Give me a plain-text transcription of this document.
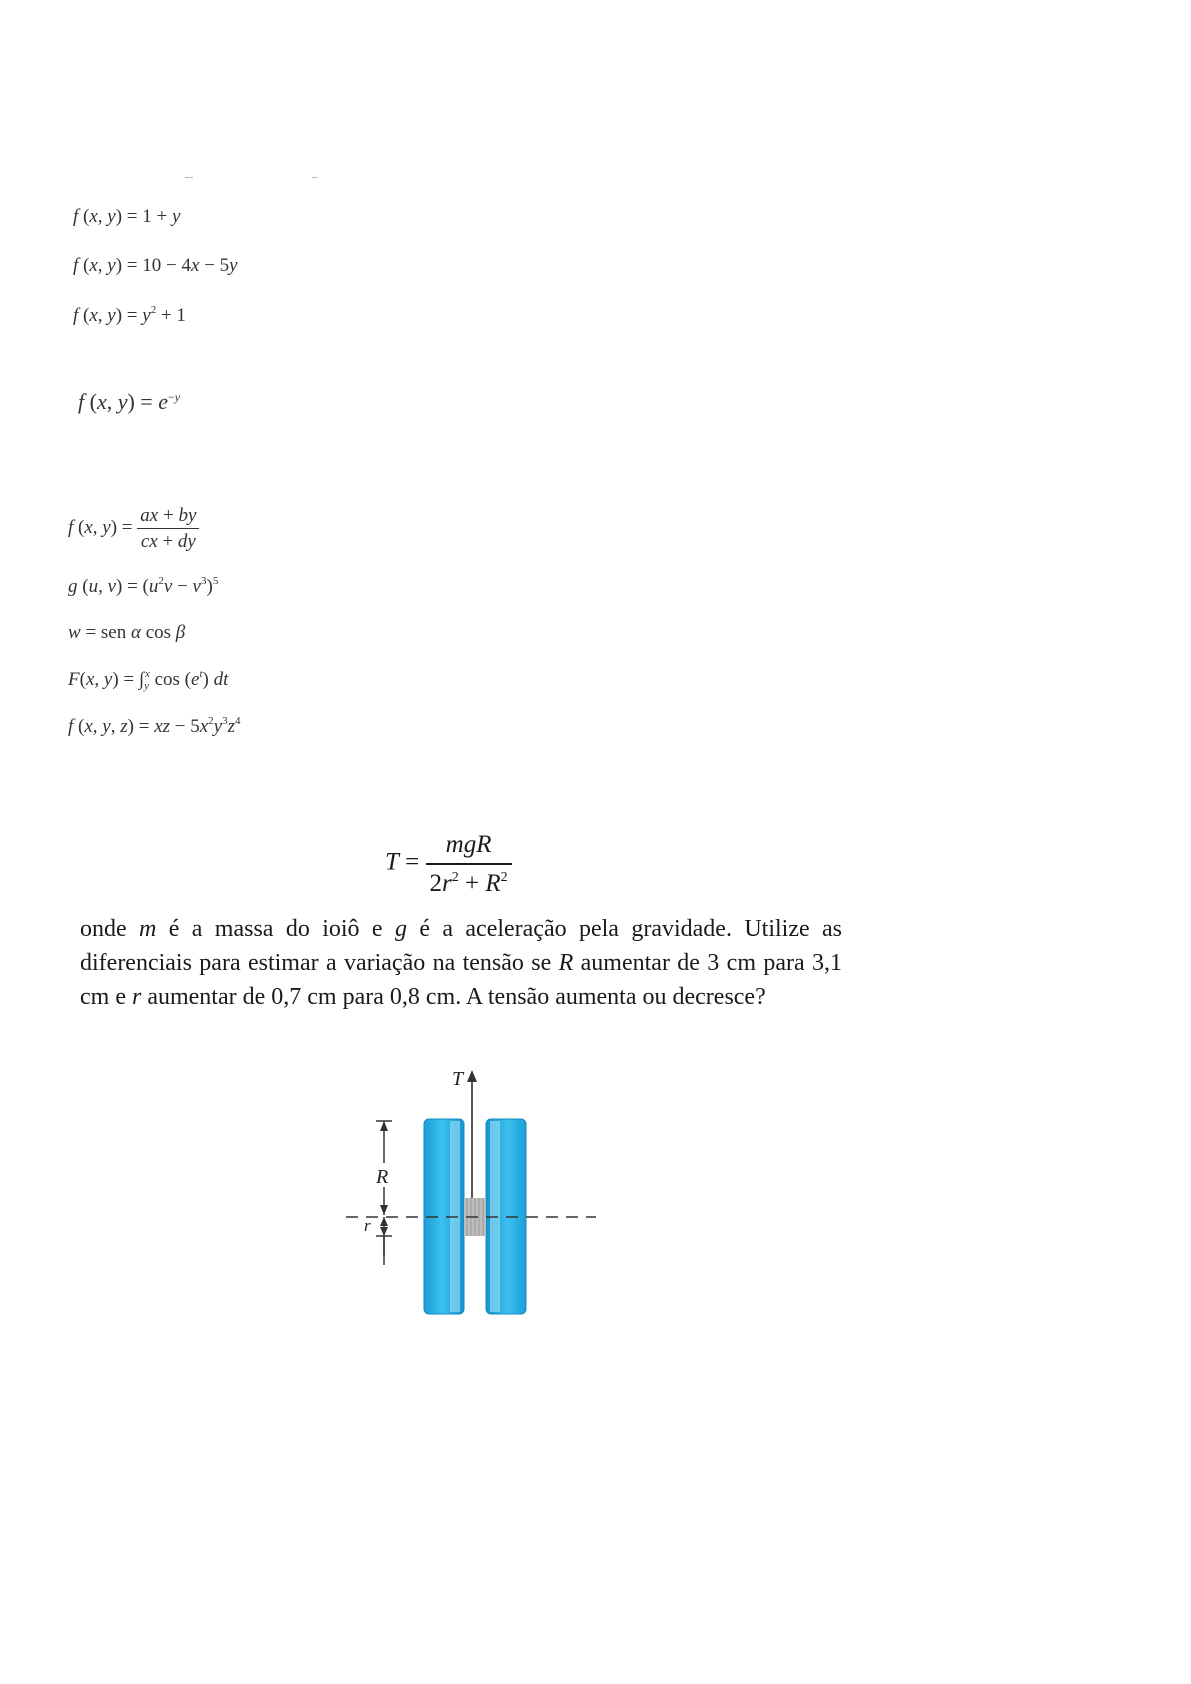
f (x, y) = 1 + y
f (x, y) = 10 − 4x − 5y
f (x, $y) = y^2 + 1$
f (x, $y) = e^{-y}$
f (x, $y) = \frac{ax + by}{cx + dy}$
g (u, $v) = (u^2v - v^3)^5$
w = sen α cos β
F(x, $y) = \int_y^x$ $\cos (e^t)$ dt
f (x, y, z) = xz − $5x^2y^3z^4$
$T = \frac{\text{mgR}}{2r^2 + R^2}$
onde m é a massa do ioiô e g é a aceleração pela gravidade. Utilize as diferenciais para estimar a variação na tensão se R aumentar de 3 cm para 3,1 cm e r aumentar de 0,7 cm para 0,8 cm. A tensão aumenta ou decresce?
T
R
r
